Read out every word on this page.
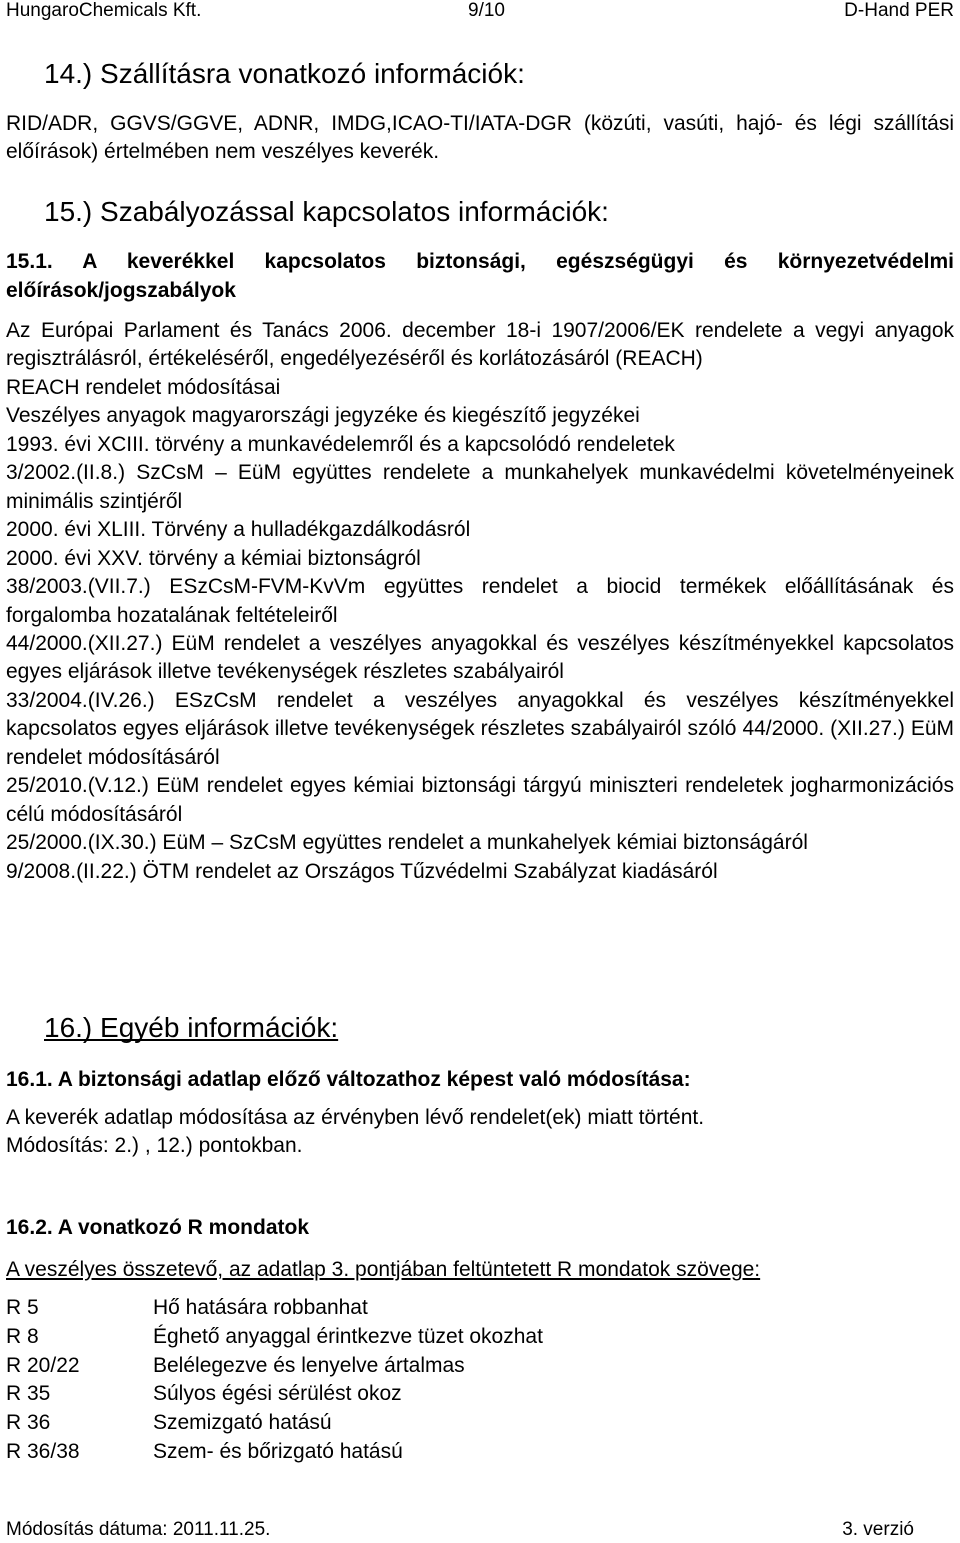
HungaroChemicals Kft.	9/10	D-Hand PER
14.) Szállításra vonatkozó információk:

RID/ADR, GGVS/GGVE, ADNR, IMDG,ICAO-TI/IATA-DGR (közúti, vasúti, hajó- és légi szállítási előírások) értelmében nem veszélyes keverék.

15.) Szabályozással kapcsolatos információk:

15.1. A keverékkel kapcsolatos biztonsági, egészségügyi és környezetvédelmi előírások/jogszabályok

Az Európai Parlament és Tanács 2006. december 18-i 1907/2006/EK rendelete a vegyi anyagok regisztrálásról, értékeléséről, engedélyezéséről és korlátozásáról (REACH)

REACH rendelet módosításai

Veszélyes anyagok magyarországi jegyzéke és kiegészítő jegyzékei

1993. évi XCIII. törvény a munkavédelemről és a kapcsolódó rendeletek

3/2002.(II.8.) SzCsM – EüM együttes rendelete a munkahelyek munkavédelmi követelményeinek minimális szintjéről

2000. évi XLIII. Törvény a hulladékgazdálkodásról

2000. évi XXV. törvény a kémiai biztonságról

38/2003.(VII.7.) ESzCsM-FVM-KvVm együttes rendelet a biocid termékek előállításának és forgalomba hozatalának feltételeiről

44/2000.(XII.27.) EüM rendelet a veszélyes anyagokkal és veszélyes készítményekkel kapcsolatos egyes eljárások illetve tevékenységek részletes szabályairól

33/2004.(IV.26.) ESzCsM rendelet a veszélyes anyagokkal és veszélyes készítményekkel kapcsolatos egyes eljárások illetve tevékenységek részletes szabályairól szóló 44/2000. (XII.27.) EüM rendelet módosításáról

25/2010.(V.12.) EüM rendelet egyes kémiai biztonsági tárgyú miniszteri rendeletek jogharmonizációs célú módosításáról

25/2000.(IX.30.) EüM – SzCsM együttes rendelet a munkahelyek kémiai biztonságáról

9/2008.(II.22.) ÖTM rendelet az Országos Tűzvédelmi Szabályzat kiadásáról

16.) Egyéb információk:
16.1. A biztonsági adatlap előző változathoz képest való módosítása:

A keverék adatlap módosítása az érvényben lévő rendelet(ek) miatt történt.

Módosítás: 2.) , 12.) pontokban.

16.2. A vonatkozó R mondatok
A veszélyes összetevő, az adatlap 3. pontjában feltüntetett R mondatok szövege:
R 5	Hő hatására robbanhat
R 8	Éghető anyaggal érintkezve tüzet okozhat
R 20/22	Belélegezve és lenyelve ártalmas
R 35	Súlyos égési sérülést okoz
R 36	Szemizgató hatású
R 36/38	Szem- és bőrizgató hatású
Módosítás dátuma: 2011.11.25.	3. verzió
